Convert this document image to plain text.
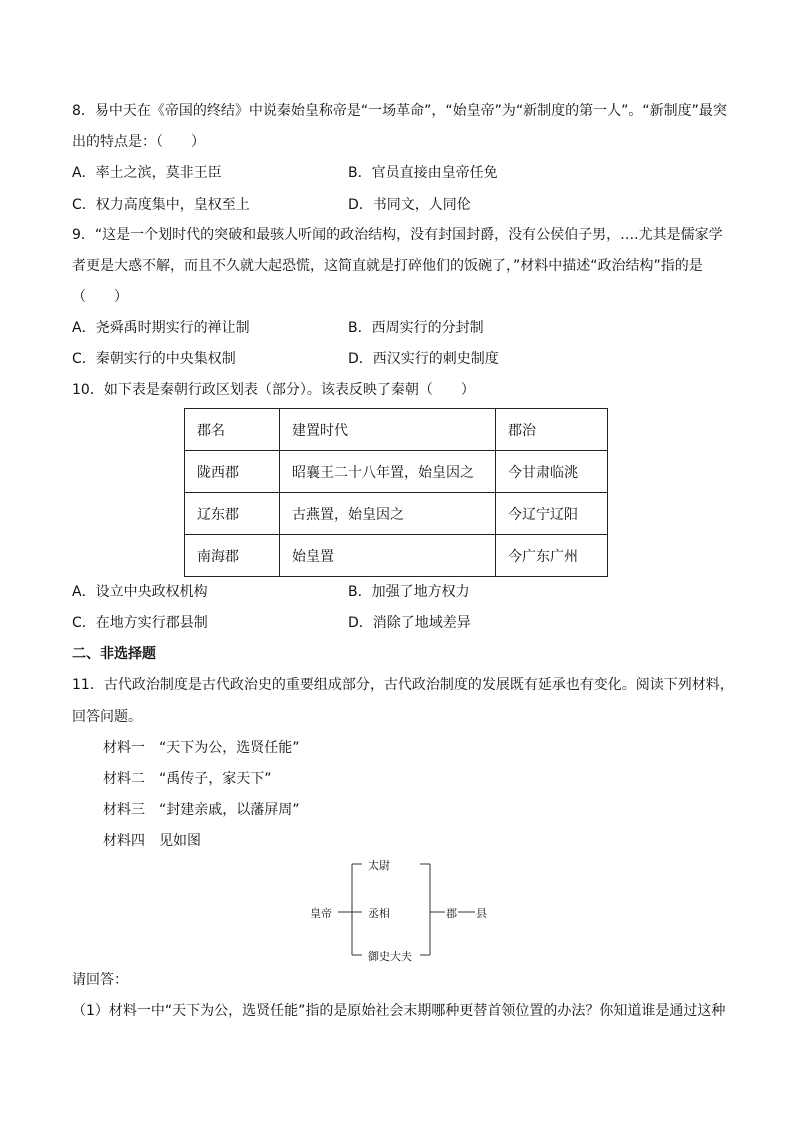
8．易中天在《帝国的终结》中说秦始皇称帝是“一场革命”，“始皇帝”为“新制度的第一人”。“新制度”最突
出的特点是：（　　）
A．率土之滨，莫非王臣	B．官员直接由皇帝任免
C．权力高度集中，皇权至上	D．书同文，人同伦
9．“这是一个划时代的突破和最骇人听闻的政治结构，没有封国封爵，没有公侯伯子男，….尤其是儒家学
者更是大惑不解，而且不久就大起恐慌，这简直就是打碎他们的饭碗了，”材料中描述“政治结构”指的是
（　　）
A．尧舜禹时期实行的禅让制	B．西周实行的分封制
C．秦朝实行的中央集权制	D．西汉实行的刺史制度
10．如下表是秦朝行政区划表（部分）。该表反映了秦朝（　　）
郡名	建置时代	郡治
陇西郡	昭襄王二十八年置，始皇因之	今甘肃临洮
辽东郡	古燕置，始皇因之	今辽宁辽阳
南海郡	始皇置	今广东广州
A．设立中央政权机构	B．加强了地方权力
C．在地方实行郡县制	D．消除了地域差异
二、非选择题
11．古代政治制度是古代政治史的重要组成部分，古代政治制度的发展既有延承也有变化。阅读下列材料，
回答问题。
材料一　“天下为公，选贤任能”
材料二　“禹传子，家天下”
材料三　“封建亲戚，以藩屏周”
材料四　见如图
皇帝
太尉
丞相
御史大夫
郡 县
请回答：
（1）材料一中“天下为公，选贤任能”指的是原始社会末期哪种更替首领位置的办法？你知道谁是通过这种
